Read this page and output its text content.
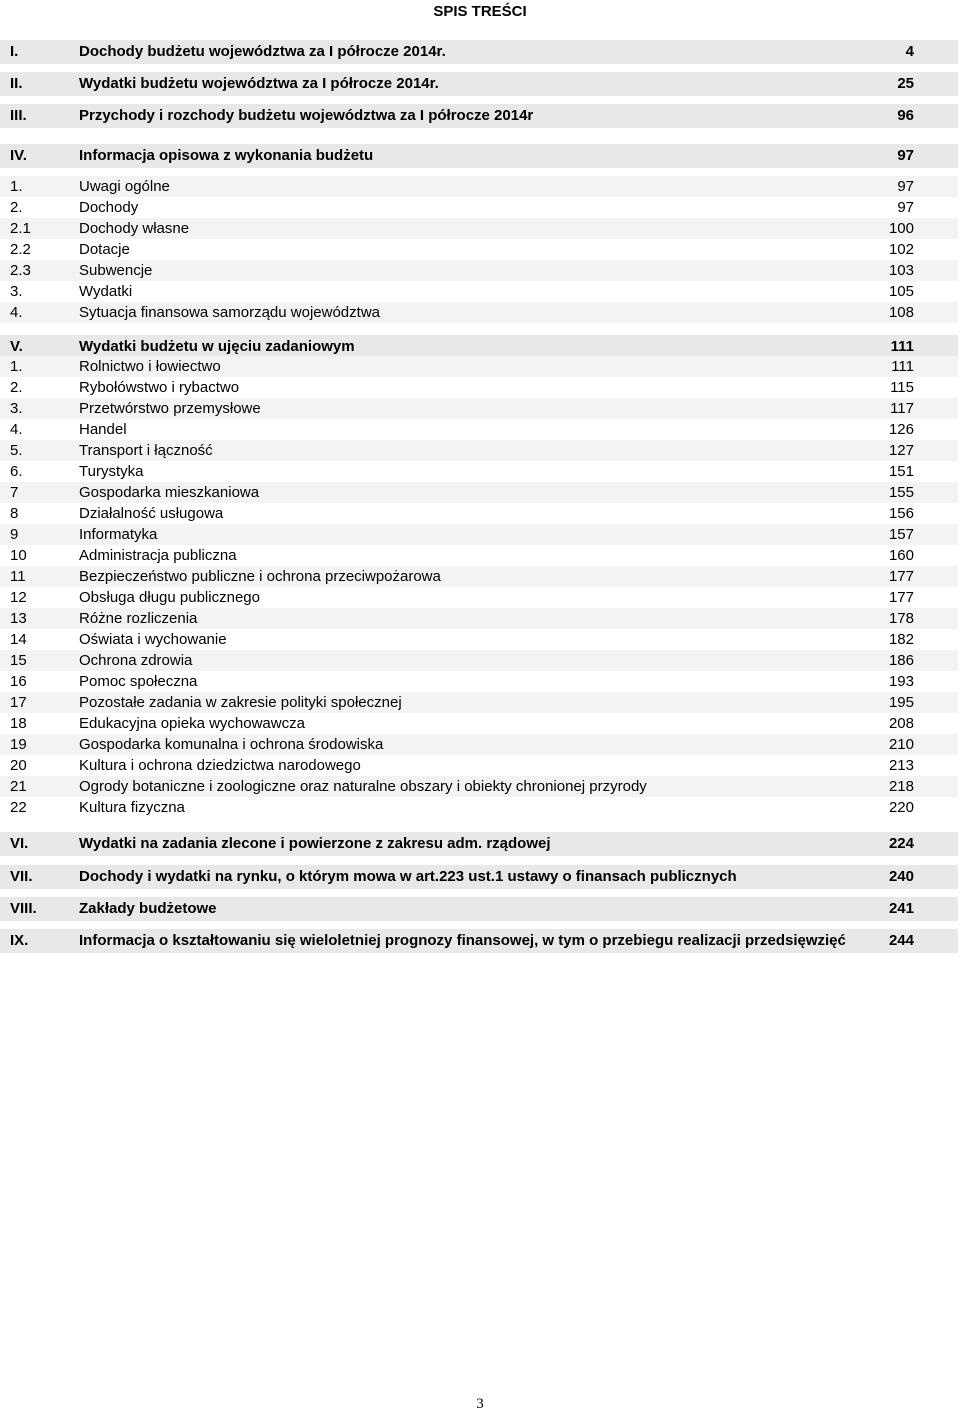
SPIS TREŚCI
I.	Dochody budżetu województwa za I półrocze 2014r.	4
II.	Wydatki budżetu województwa za I półrocze 2014r.	25
III.	Przychody i rozchody budżetu województwa za I półrocze 2014r	96
IV.	Informacja opisowa z wykonania budżetu	97
1.	Uwagi ogólne	97
2.	Dochody	97
2.1	Dochody własne	100
2.2	Dotacje	102
2.3	Subwencje	103
3.	Wydatki	105
4.	Sytuacja finansowa samorządu województwa	108
V.	Wydatki budżetu w ujęciu zadaniowym	111
1.	Rolnictwo i łowiectwo	111
2.	Rybołówstwo i rybactwo	115
3.	Przetwórstwo przemysłowe	117
4.	Handel	126
5.	Transport i łączność	127
6.	Turystyka	151
7	Gospodarka mieszkaniowa	155
8	Działalność usługowa	156
9	Informatyka	157
10	Administracja publiczna	160
11	Bezpieczeństwo publiczne i ochrona przeciwpożarowa	177
12	Obsługa długu publicznego	177
13	Różne rozliczenia	178
14	Oświata i wychowanie	182
15	Ochrona zdrowia	186
16	Pomoc społeczna	193
17	Pozostałe zadania w zakresie polityki społecznej	195
18	Edukacyjna opieka wychowawcza	208
19	Gospodarka komunalna i ochrona środowiska	210
20	Kultura i ochrona dziedzictwa narodowego	213
21	Ogrody botaniczne i zoologiczne oraz naturalne obszary i obiekty chronionej przyrody	218
22	Kultura fizyczna	220
VI.	Wydatki na zadania zlecone i powierzone z zakresu adm. rządowej	224
VII.	Dochody i wydatki na rynku, o którym mowa w art.223 ust.1 ustawy o finansach publicznych	240
VIII.	Zakłady budżetowe	241
IX.	Informacja o kształtowaniu się wieloletniej prognozy finansowej, w tym o przebiegu realizacji przedsięwzięć	244
3
